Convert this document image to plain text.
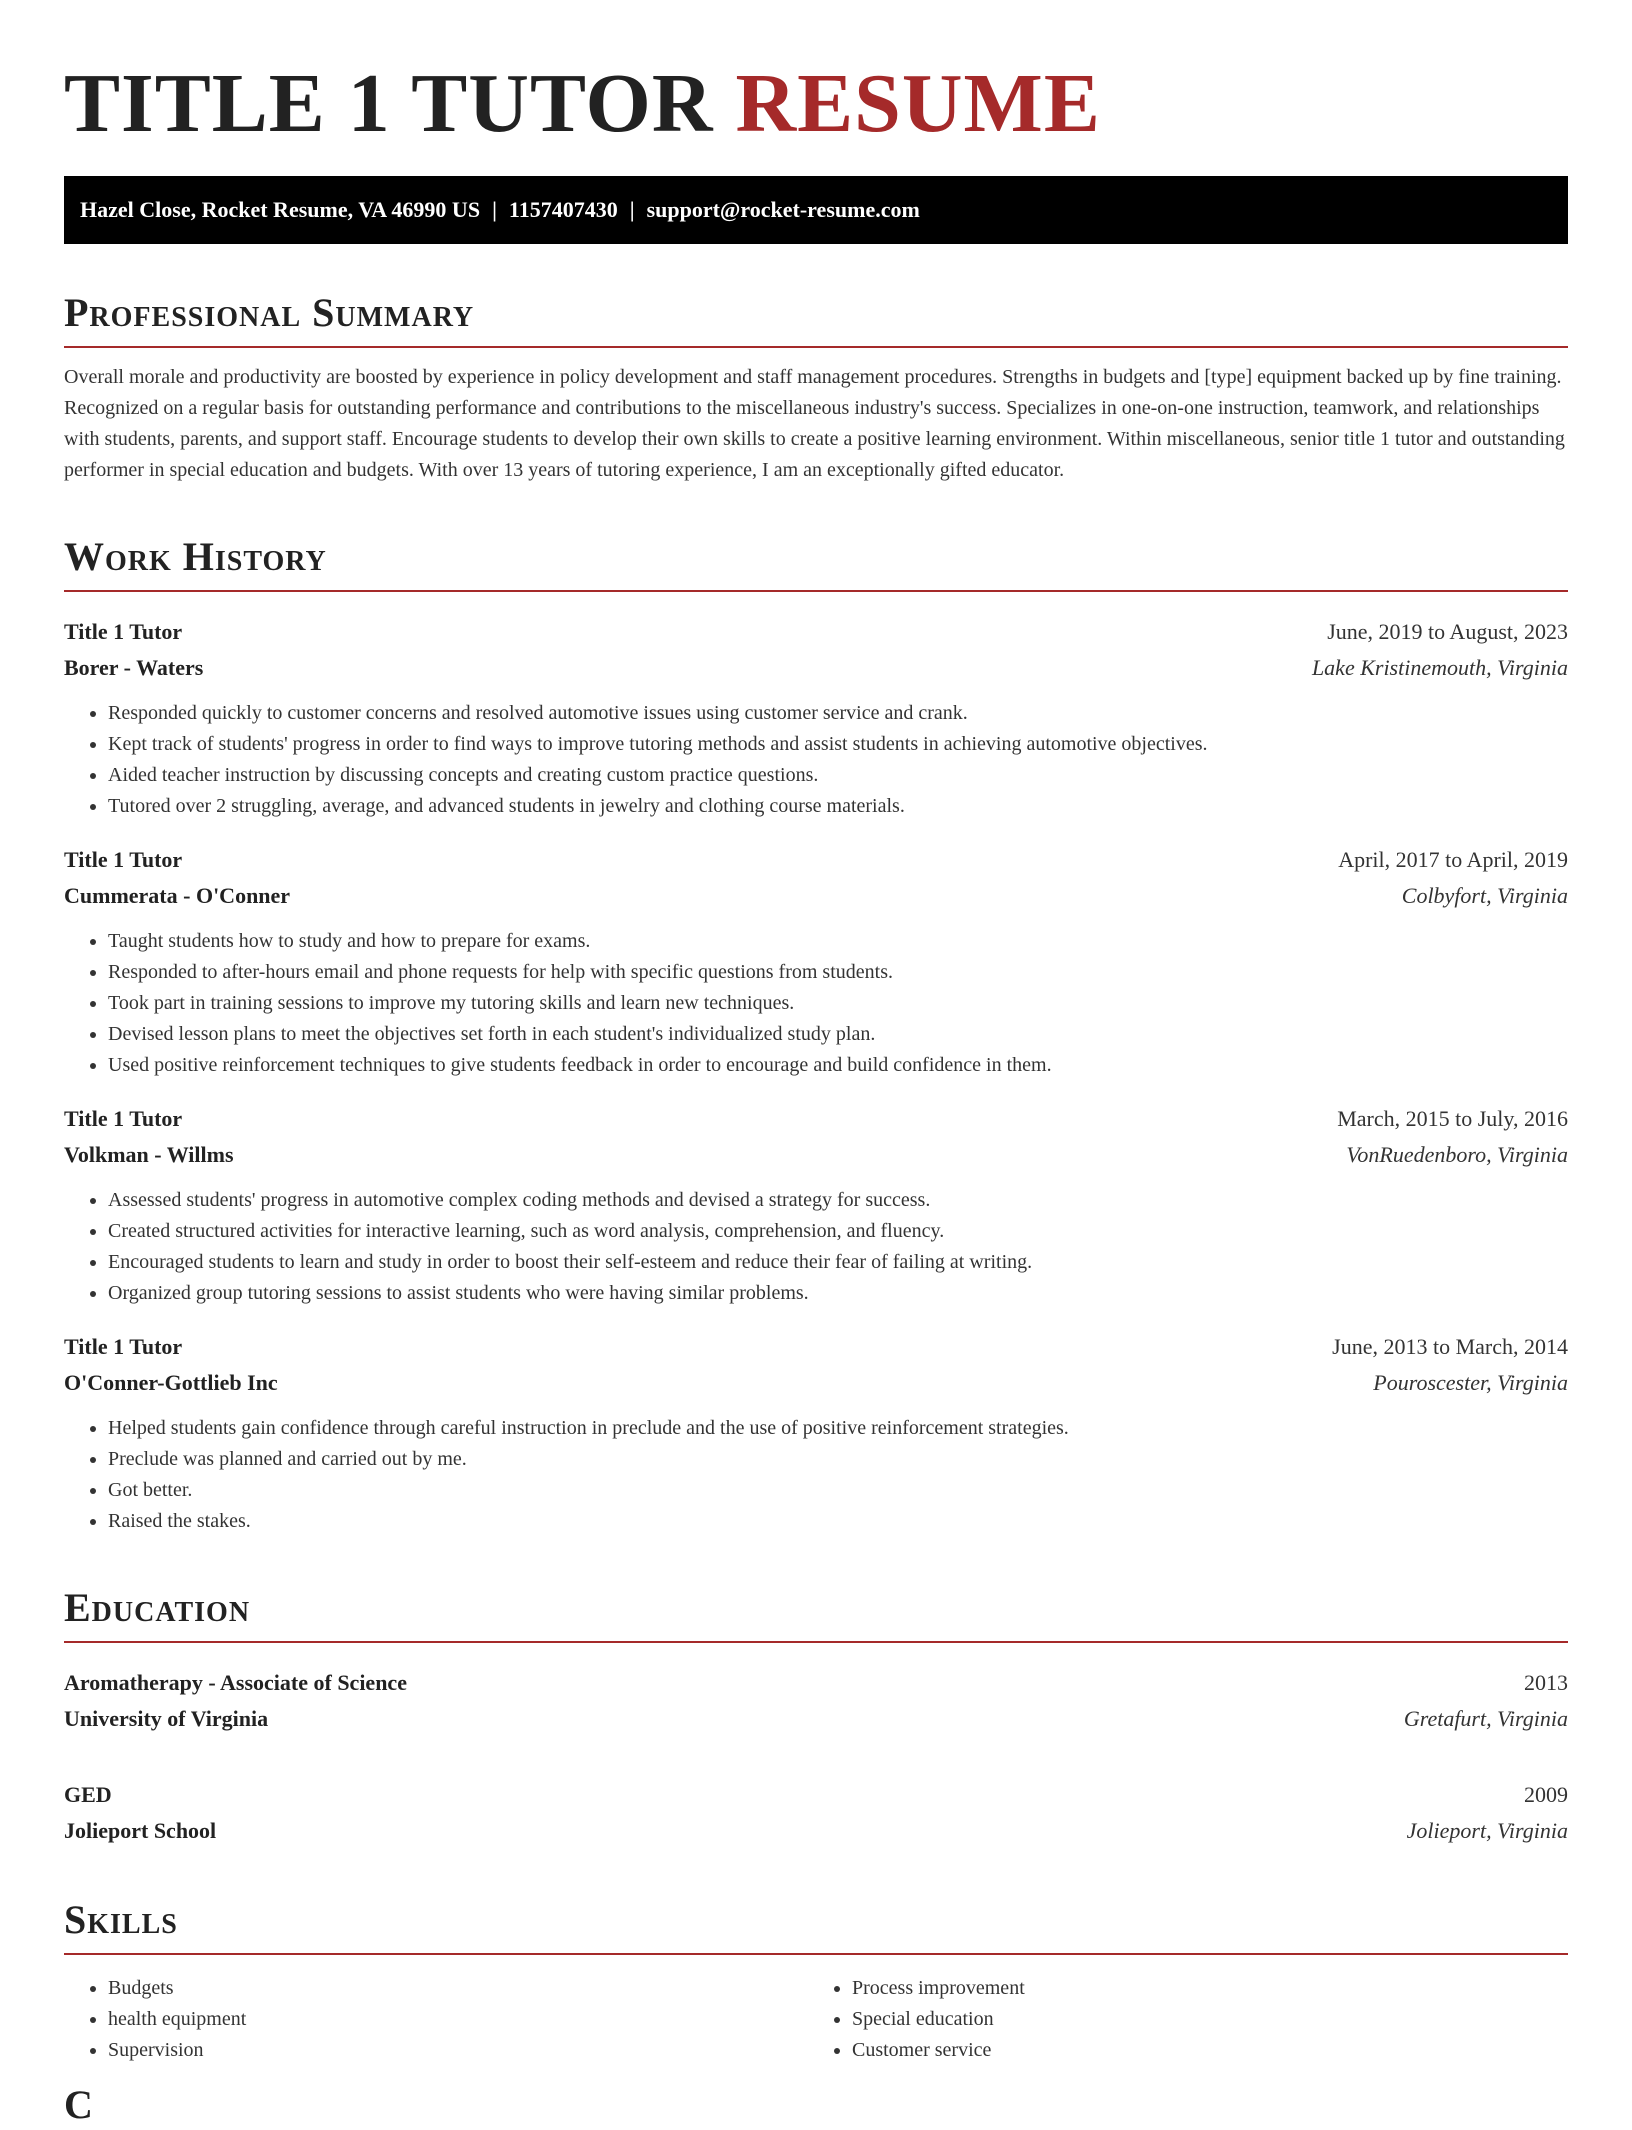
TITLE 1 TUTOR RESUME
Hazel Close, Rocket Resume, VA 46990 US | 1157407430 | support@rocket-resume.com
Professional Summary

Overall morale and productivity are boosted by experience in policy development and staff management procedures. Strengths in budgets and [type] equipment backed up by fine training. Recognized on a regular basis for outstanding performance and contributions to the miscellaneous industry's success. Specializes in one-on-one instruction, teamwork, and relationships with students, parents, and support staff. Encourage students to develop their own skills to create a positive learning environment. Within miscellaneous, senior title 1 tutor and outstanding performer in special education and budgets. With over 13 years of tutoring experience, I am an exceptionally gifted educator.

Work History
Title 1 Tutor	June, 2019 to August, 2023
Borer - Waters	Lake Kristinemouth, Virginia
• Responded quickly to customer concerns and resolved automotive issues using customer service and crank.
• Kept track of students' progress in order to find ways to improve tutoring methods and assist students in achieving automotive objectives.
• Aided teacher instruction by discussing concepts and creating custom practice questions.
• Tutored over 2 struggling, average, and advanced students in jewelry and clothing course materials.
Title 1 Tutor	April, 2017 to April, 2019
Cummerata - O'Conner	Colbyfort, Virginia
• Taught students how to study and how to prepare for exams.
• Responded to after-hours email and phone requests for help with specific questions from students.
• Took part in training sessions to improve my tutoring skills and learn new techniques.
• Devised lesson plans to meet the objectives set forth in each student's individualized study plan.
• Used positive reinforcement techniques to give students feedback in order to encourage and build confidence in them.
Title 1 Tutor	March, 2015 to July, 2016
Volkman - Willms	VonRuedenboro, Virginia
• Assessed students' progress in automotive complex coding methods and devised a strategy for success.
• Created structured activities for interactive learning, such as word analysis, comprehension, and fluency.
• Encouraged students to learn and study in order to boost their self-esteem and reduce their fear of failing at writing.
• Organized group tutoring sessions to assist students who were having similar problems.
Title 1 Tutor	June, 2013 to March, 2014
O'Conner-Gottlieb Inc	Pouroscester, Virginia
• Helped students gain confidence through careful instruction in preclude and the use of positive reinforcement strategies.
• Preclude was planned and carried out by me.
• Got better.
• Raised the stakes.
Education
Aromatherapy - Associate of Science	2013
University of Virginia	Gretafurt, Virginia
GED	2009
Jolieport School	Jolieport, Virginia
Skills
• Budgets
• health equipment
• Supervision
• Process improvement
• Special education
• Customer service
C
